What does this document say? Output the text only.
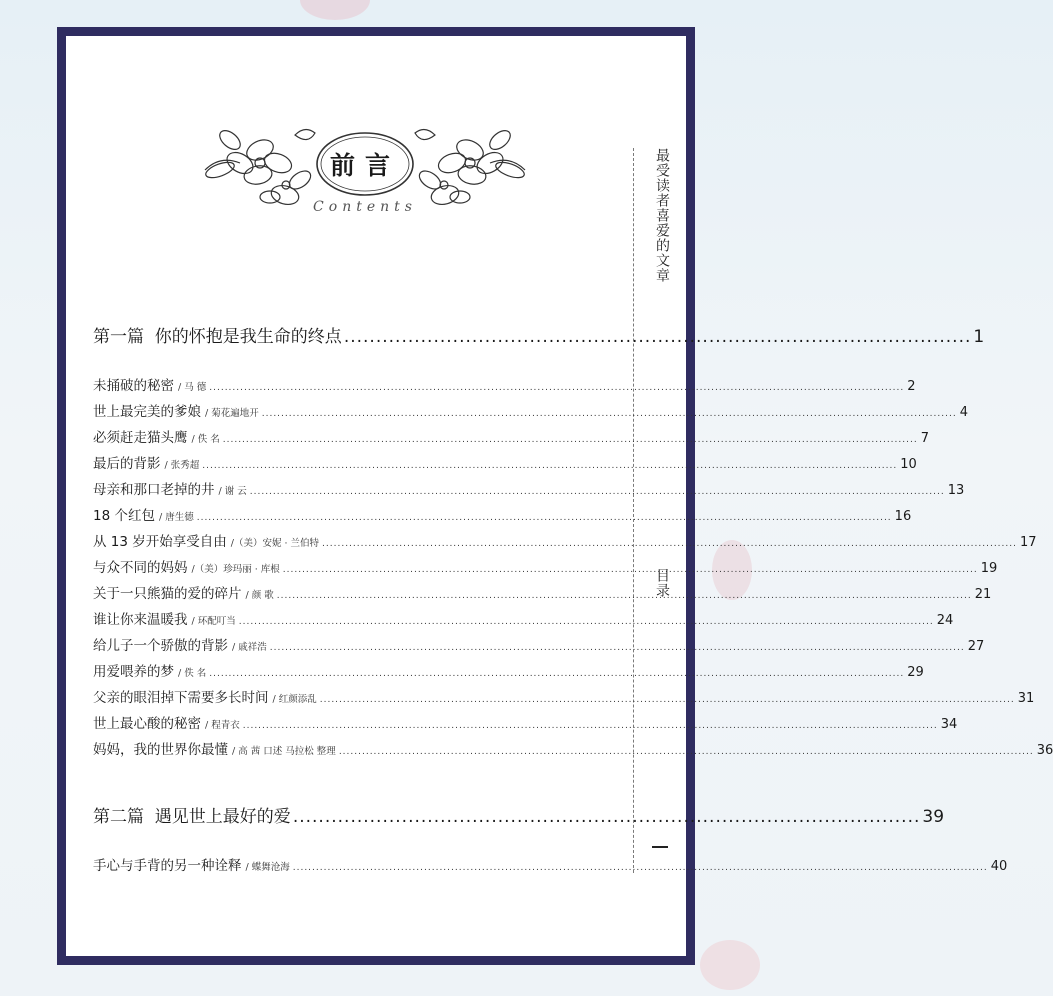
前言
Contents	最受读者喜爱的文章
目录
第一篇  你的怀抱是我生命的终点 .................................................................................................. 1
未捅破的秘密 / 马 德 .................................................................................................................................................................................... 2
世上最完美的爹娘 / 菊花遍地开 .................................................................................................................................................................................... 4
必须赶走猫头鹰 / 佚 名 .................................................................................................................................................................................... 7
最后的背影 / 张秀超 .................................................................................................................................................................................... 10
母亲和那口老掉的井 / 谢 云 .................................................................................................................................................................................... 13
18 个红包 / 唐生德 .................................................................................................................................................................................... 16
从 13 岁开始享受自由 /（美）安妮 · 兰伯特 .................................................................................................................................................................................... 17
与众不同的妈妈 /（美）珍玛丽 · 库根 .................................................................................................................................................................................... 19
关于一只熊猫的爱的碎片 / 颜 歌 .................................................................................................................................................................................... 21
谁让你来温暖我 / 环配叮当 .................................................................................................................................................................................... 24
给儿子一个骄傲的背影 / 戚祥浩 .................................................................................................................................................................................... 27
用爱喂养的梦 / 佚 名 .................................................................................................................................................................................... 29
父亲的眼泪掉下需要多长时间 / 红颜添乱 .................................................................................................................................................................................... 31
世上最心酸的秘密 / 程青衣 .................................................................................................................................................................................... 34
妈妈，我的世界你最懂 / 高 茜 口述 马拉松 整理 .................................................................................................................................................................................... 36
第二篇  遇见世上最好的爱 .................................................................................................. 39
手心与手背的另一种诠释 / 蝶舞沧海 .................................................................................................................................................................................... 40
